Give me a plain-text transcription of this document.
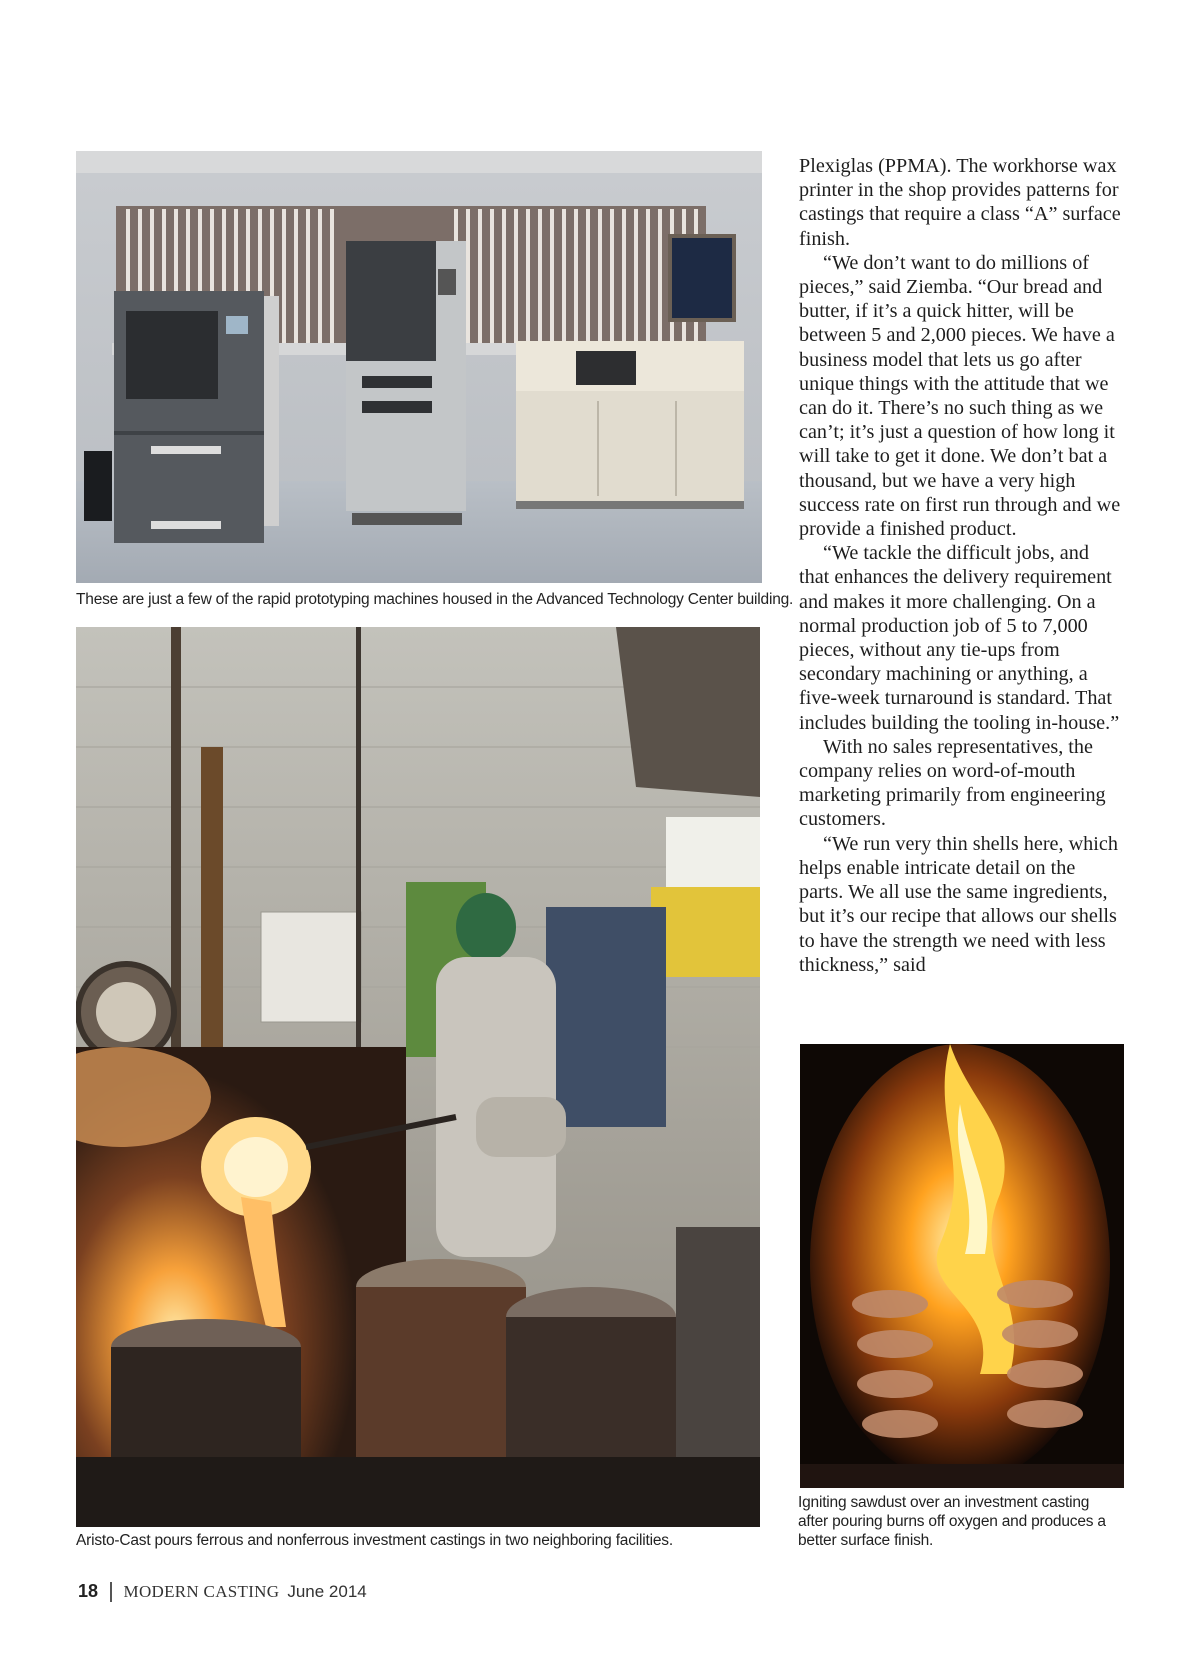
These are just a few of the rapid prototyping machines housed in the Advanced Technology Center building.
Aristo-Cast pours ferrous and nonferrous investment castings in two neighboring facilities.
Igniting sawdust over an investment casting after pouring burns off oxygen and produces a better surface finish.

Plexiglas (PPMA). The workhorse wax printer in the shop provides patterns for castings that require a class “A” surface finish.

“We don’t want to do millions of pieces,” said Ziemba. “Our bread and butter, if it’s a quick hitter, will be between 5 and 2,000 pieces. We have a business model that lets us go after unique things with the attitude that we can do it. There’s no such thing as we can’t; it’s just a question of how long it will take to get it done. We don’t bat a thousand, but we have a very high success rate on first run through and we provide a finished product.

“We tackle the difficult jobs, and that enhances the delivery requirement and makes it more challenging. On a normal production job of 5 to 7,000 pieces, without any tie-ups from secondary machining or anything, a five-week turnaround is standard. That includes building the tooling in-house.”

With no sales representatives, the company relies on word-of-mouth marketing primarily from engineering customers.

“We run very thin shells here, which helps enable intricate detail on the parts. We all use the same ingredients, but it’s our recipe that allows our shells to have the strength we need with less thickness,” said

18 MODERN CASTING June 2014
